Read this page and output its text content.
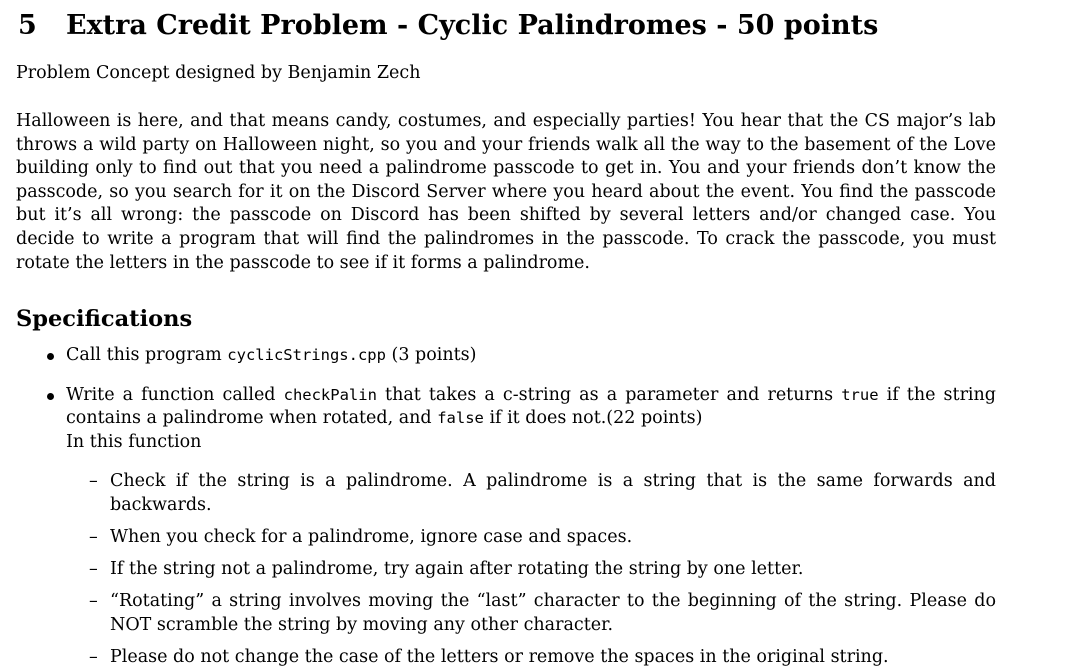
5 Extra Credit Problem - Cyclic Palindromes - 50 points

Problem Concept designed by Benjamin Zech

Halloween is here, and that means candy, costumes, and especially parties! You hear that the CS major’s lab throws a wild party on Halloween night, so you and your friends walk all the way to the basement of the Love building only to find out that you need a palindrome passcode to get in. You and your friends don’t know the passcode, so you search for it on the Discord Server where you heard about the event. You find the passcode but it’s all wrong: the passcode on Discord has been shifted by several letters and/or changed case. You decide to write a program that will find the palindromes in the passcode. To crack the passcode, you must rotate the letters in the passcode to see if it forms a palindrome.

Specifications
Call this program cyclicStrings.cpp (3 points)
Write a function called checkPalin that takes a c-string as a parameter and returns true if the string contains a palindrome when rotated, and false if it does not.(22 points)
In this function
– Check if the string is a palindrome. A palindrome is a string that is the same forwards and backwards.
– When you check for a palindrome, ignore case and spaces.
– If the string not a palindrome, try again after rotating the string by one letter.
– “Rotating” a string involves moving the “last” character to the beginning of the string. Please do NOT scramble the string by moving any other character.
– Please do not change the case of the letters or remove the spaces in the original string.
